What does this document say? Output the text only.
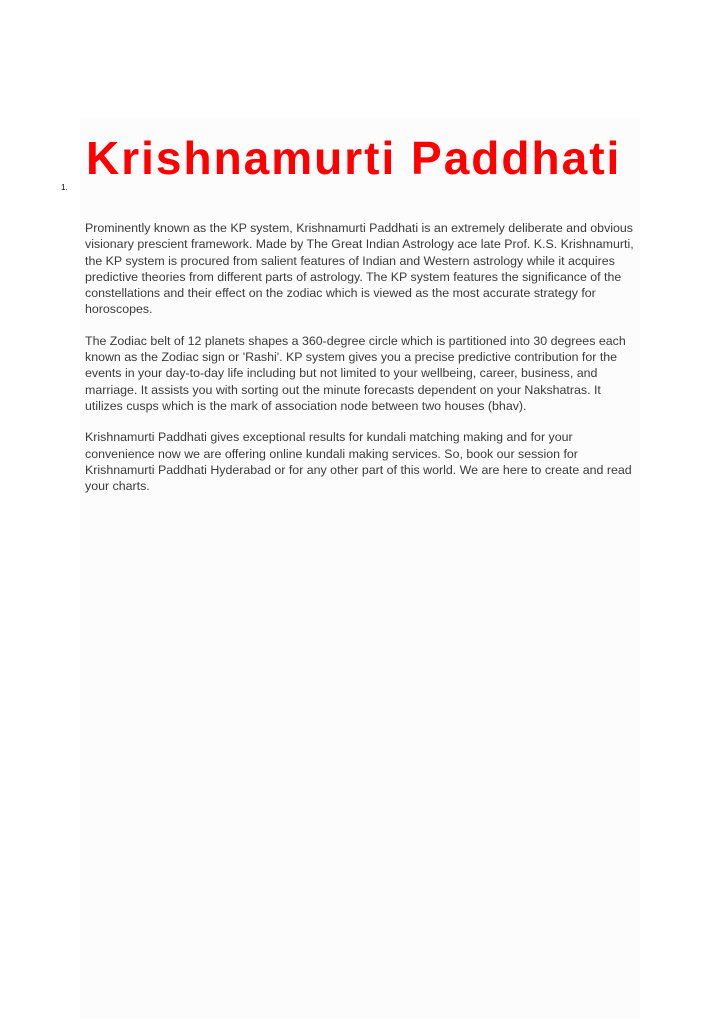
1.
Krishnamurti Paddhati

Prominently known as the KP system, Krishnamurti Paddhati is an extremely deliberate and obvious visionary prescient framework. Made by The Great Indian Astrology ace late Prof. K.S. Krishnamurti, the KP system is procured from salient features of Indian and Western astrology while it acquires predictive theories from different parts of astrology. The KP system features the significance of the constellations and their effect on the zodiac which is viewed as the most accurate strategy for horoscopes.

The Zodiac belt of 12 planets shapes a 360-degree circle which is partitioned into 30 degrees each known as the Zodiac sign or 'Rashi'. KP system gives you a precise predictive contribution for the events in your day-to-day life including but not limited to your wellbeing, career, business, and marriage. It assists you with sorting out the minute forecasts dependent on your Nakshatras. It utilizes cusps which is the mark of association node between two houses (bhav).

Krishnamurti Paddhati gives exceptional results for kundali matching making and for your convenience now we are offering online kundali making services. So, book our session for Krishnamurti Paddhati Hyderabad or for any other part of this world. We are here to create and read your charts.
